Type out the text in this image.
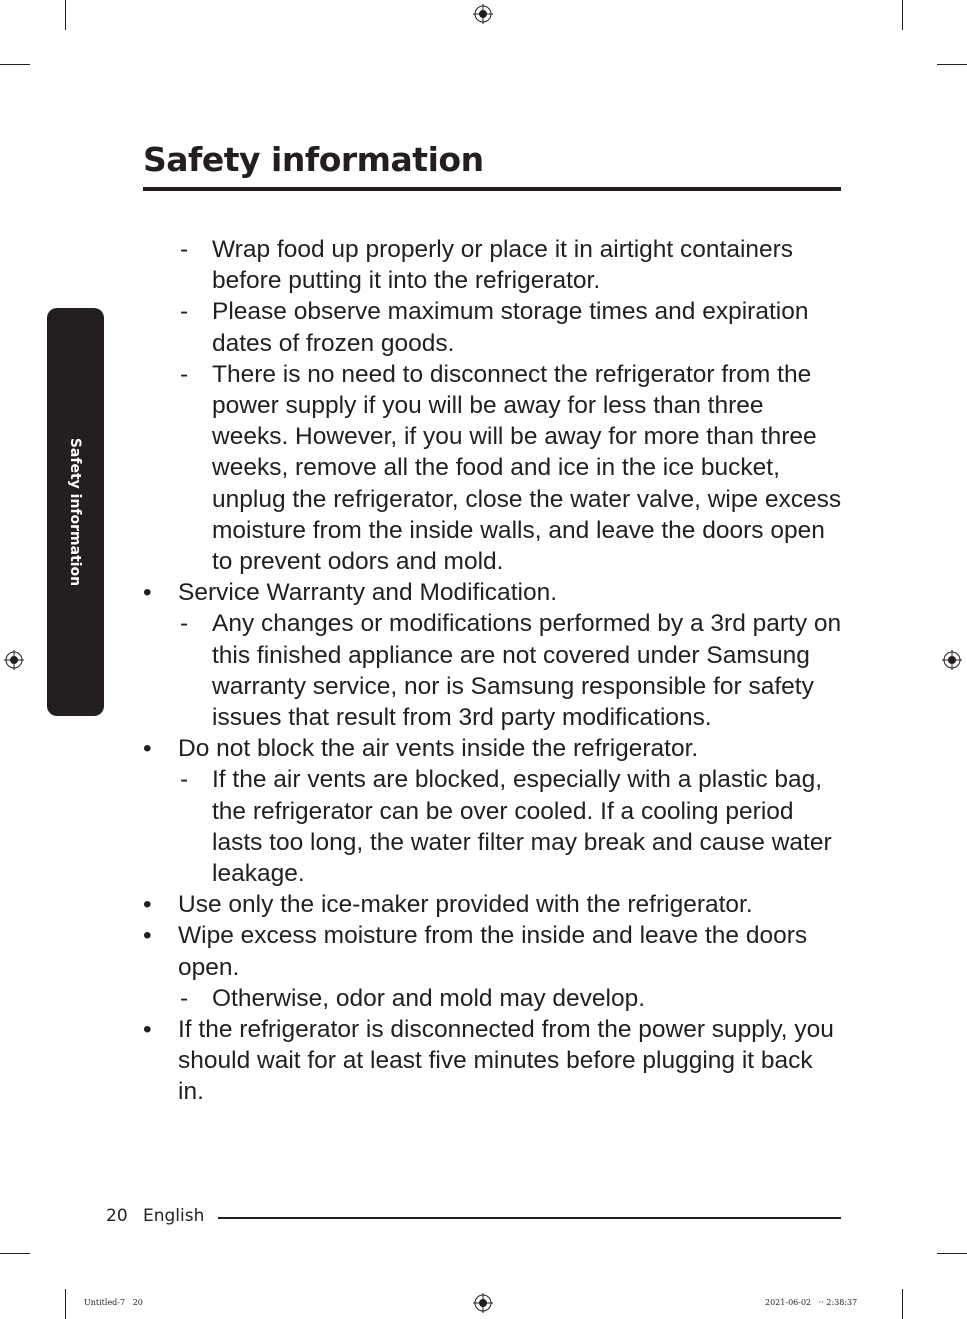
Safety information
Safety information
- Wrap food up properly or place it in airtight containers before putting it into the refrigerator.
- Please observe maximum storage times and expiration dates of frozen goods.
- There is no need to disconnect the refrigerator from the power supply if you will be away for less than three weeks. However, if you will be away for more than three weeks, remove all the food and ice in the ice bucket, unplug the refrigerator, close the water valve, wipe excess moisture from the inside walls, and leave the doors open to prevent odors and mold.
• Service Warranty and Modification.
- Any changes or modifications performed by a 3rd party on this finished appliance are not covered under Samsung warranty service, nor is Samsung responsible for safety issues that result from 3rd party modifications.
• Do not block the air vents inside the refrigerator.
- If the air vents are blocked, especially with a plastic bag, the refrigerator can be over cooled. If a cooling period lasts too long, the water filter may break and cause water leakage.
• Use only the ice-maker provided with the refrigerator.
• Wipe excess moisture from the inside and leave the doors open.
- Otherwise, odor and mold may develop.
• If the refrigerator is disconnected from the power supply, you should wait for at least five minutes before plugging it back in.
20 English
Untitled-7   20	2021-06-02   ·· 2:38:37
